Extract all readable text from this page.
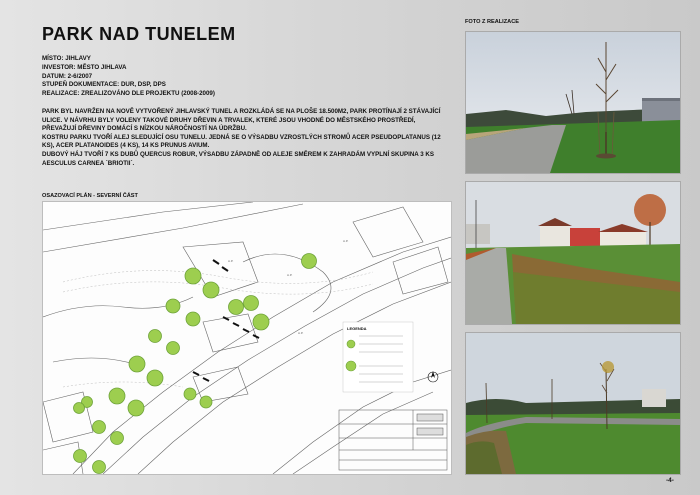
PARK NAD TUNELEM
MÍSTO: JIHLAVY
INVESTOR: MĚSTO JIHLAVA
DATUM: 2-6/2007
STUPEŇ DOKUMENTACE: DUR, DSP, DPS
REALIZACE: ZREALIZOVÁNO DLE PROJEKTU (2008-2009)

PARK BYL NAVRŽEN NA NOVĚ VYTVOŘENÝ JIHLAVSKÝ TUNEL A ROZKLÁDÁ SE NA PLOŠE 18.500M2, PARK PROTÍNAJÍ 2 STÁVAJÍCÍ ULICE. V NÁVRHU BYLY VOLENY TAKOVÉ DRUHY DŘEVIN A TRVALEK, KTERÉ JSOU VHODNÉ DO MĚSTSKÉHO PROSTŘEDÍ, PŘEVAŽUJÍ DŘEVINY DOMÁCÍ S NÍZKOU NÁROČNOSTÍ NA ÚDRŽBU.

KOSTRU PARKU TVOŘÍ ALEJ SLEDUJÍCÍ OSU TUNELU. JEDNÁ SE O VÝSADBU VZROSTLÝCH STROMŮ ACER PSEUDOPLATANUS (12 KS), ACER PLATANOIDES (4 KS), 14 KS PRUNUS AVIUM.

DUBOVÝ HÁJ TVOŘÍ 7 KS DUBŮ QUERCUS ROBUR, VÝSADBU ZÁPADNĚ OD ALEJE SMĚREM K ZAHRADÁM VYPLNÍ SKUPINA 3 KS AESCULUS CARNEA ´BRIOTII´.

OSAZOVACÍ PLÁN - SEVERNÍ ČÁST
A.P.
A.P.
A.P.
A.P.
LEGENDA
FOTO Z REALIZACE
-4-
